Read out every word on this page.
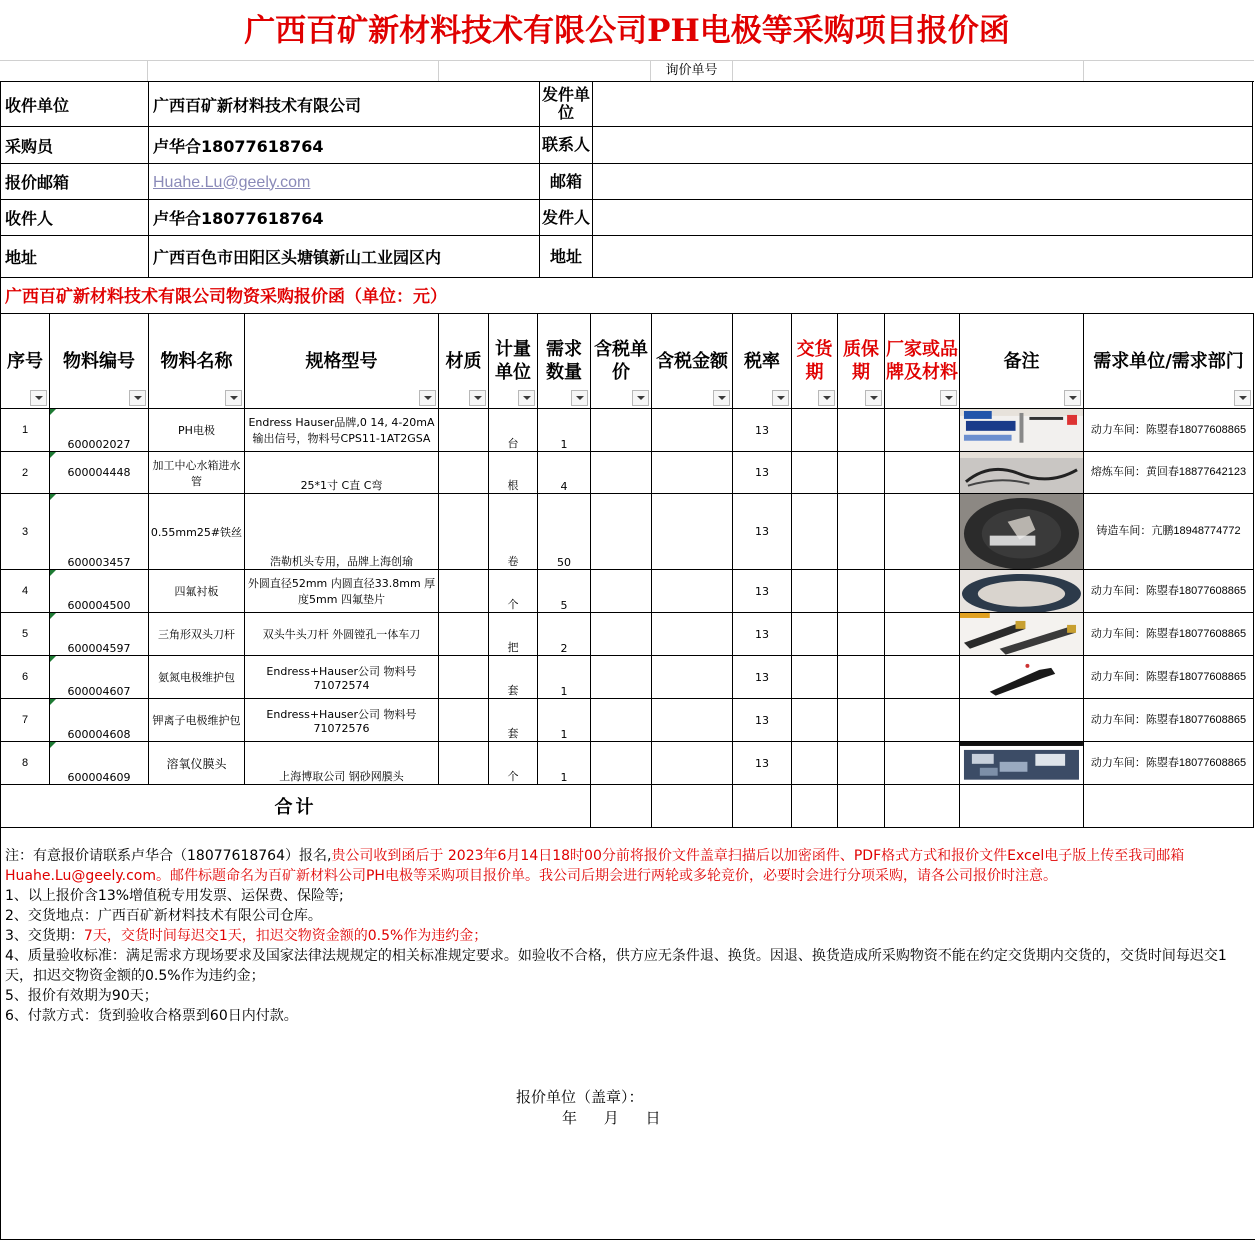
广西百矿新材料技术有限公司PH电极等采购项目报价函
询价单号
收件单位	广西百矿新材料技术有限公司	发件单位	
采购员	卢华合18077618764	联系人	
报价邮箱	Huahe.Lu@geely.com	邮箱	
收件人	卢华合18077618764	发件人	
地址	广西百色市田阳区头塘镇新山工业园区内	地址	
广西百矿新材料技术有限公司物资采购报价函（单位：元）
序号	物料编号	物料名称	规格型号	材质	计量单位	需求数量	含税单价	含税金额	税率	交货期	质保期	厂家或品牌及材料	备注	需求单位/需求部门

1	600002027	PH电极	Endress Hauser品牌,0 14, 4-20mA输出信号，物料号CPS11-1AT2GSA		台	1			13					动力车间：陈曌春18077608865
2	600004448	加工中心水箱进水管	25*1寸 C直 C弯		根	4			13					熔炼车间：黄回春18877642123
3	600003457	0.55mm25#铁丝	浩勒机头专用，品牌上海创瑜		卷	50			13					铸造车间：亢鹏18948774772
4	600004500	四氟衬板	外圆直径52mm 内圆直径33.8mm 厚度5mm 四氟垫片		个	5			13					动力车间：陈曌春18077608865
5	600004597	三角形双头刀杆	双头牛头刀杆 外圆镗孔一体车刀		把	2			13					动力车间：陈曌春18077608865
6	600004607	氨氮电极维护包	Endress+Hauser公司 物料号71072574		套	1			13					动力车间：陈曌春18077608865
7	600004608	钾离子电极维护包	Endress+Hauser公司 物料号71072576		套	1			13					动力车间：陈曌春18077608865
8	600004609	溶氧仪膜头	上海博取公司 钢砂网膜头		个	1			13					动力车间：陈曌春18077608865
合计														
注：有意报价请联系卢华合（18077618764）报名,贵公司收到函后于 2023年6月14日18时00分前将报价文件盖章扫描后以加密函件、PDF格式方式和报价文件Excel电子版上传至我司邮箱Huahe.Lu@geely.com。邮件标题命名为百矿新材料公司PH电极等采购项目报价单。我公司后期会进行两轮或多轮竞价，必要时会进行分项采购，请各公司报价时注意。
1、以上报价含13%增值税专用发票、运保费、保险等;
2、交货地点：广西百矿新材料技术有限公司仓库。
3、交货期：7天，交货时间每迟交1天，扣迟交物资金额的0.5%作为违约金；
4、质量验收标准：满足需求方现场要求及国家法律法规规定的相关标准规定要求。如验收不合格，供方应无条件退、换货。因退、换货造成所采购物资不能在约定交货期内交货的，交货时间每迟交1天，扣迟交物资金额的0.5%作为违约金；
5、报价有效期为90天；
6、付款方式：货到验收合格票到60日内付款。
报价单位（盖章）：
年 月 日
